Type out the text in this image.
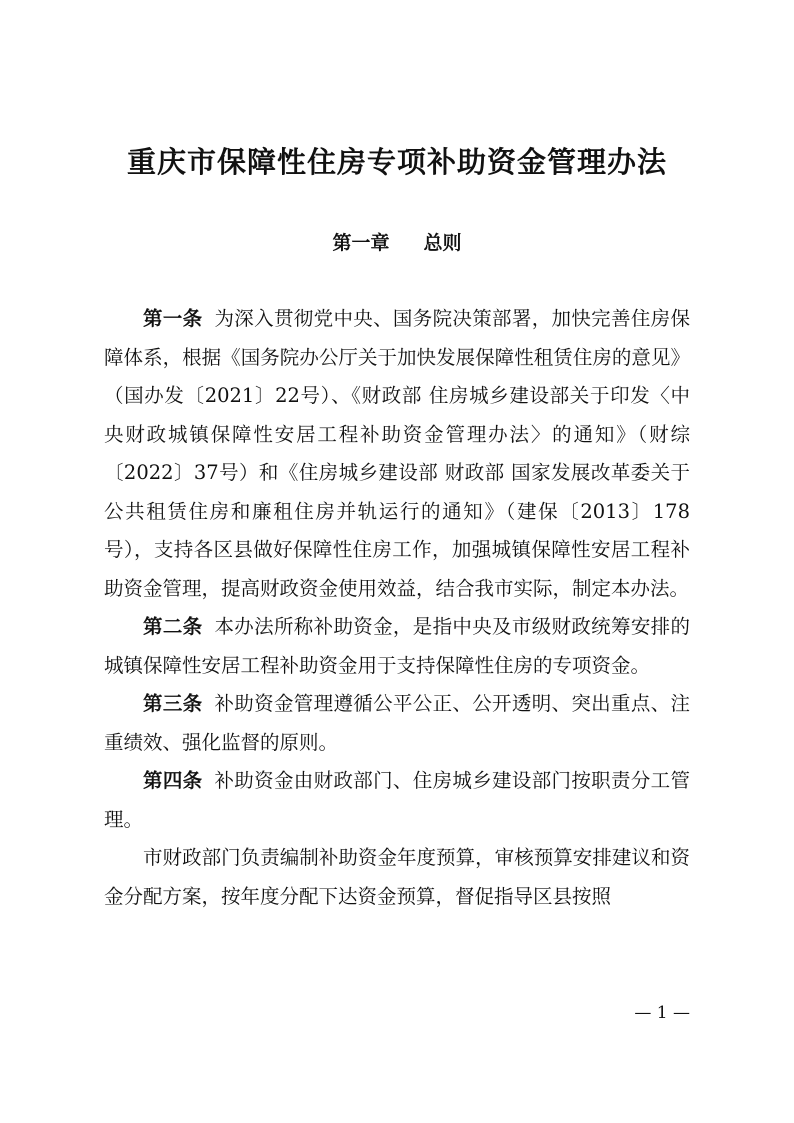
重庆市保障性住房专项补助资金管理办法
第一章 总则

第一条 为深入贯彻党中央、国务院决策部署，加快完善住房保障体系，根据《国务院办公厅关于加快发展保障性租赁住房的意见》（国办发〔2021〕22号）、《财政部 住房城乡建设部关于印发〈中央财政城镇保障性安居工程补助资金管理办法〉的通知》（财综〔2022〕37号）和《住房城乡建设部 财政部 国家发展改革委关于公共租赁住房和廉租住房并轨运行的通知》（建保〔2013〕178号），支持各区县做好保障性住房工作，加强城镇保障性安居工程补助资金管理，提高财政资金使用效益，结合我市实际，制定本办法。

第二条 本办法所称补助资金，是指中央及市级财政统筹安排的城镇保障性安居工程补助资金用于支持保障性住房的专项资金。

第三条 补助资金管理遵循公平公正、公开透明、突出重点、注重绩效、强化监督的原则。

第四条 补助资金由财政部门、住房城乡建设部门按职责分工管理。

市财政部门负责编制补助资金年度预算，审核预算安排建议和资金分配方案，按年度分配下达资金预算，督促指导区县按照

— 1 —
